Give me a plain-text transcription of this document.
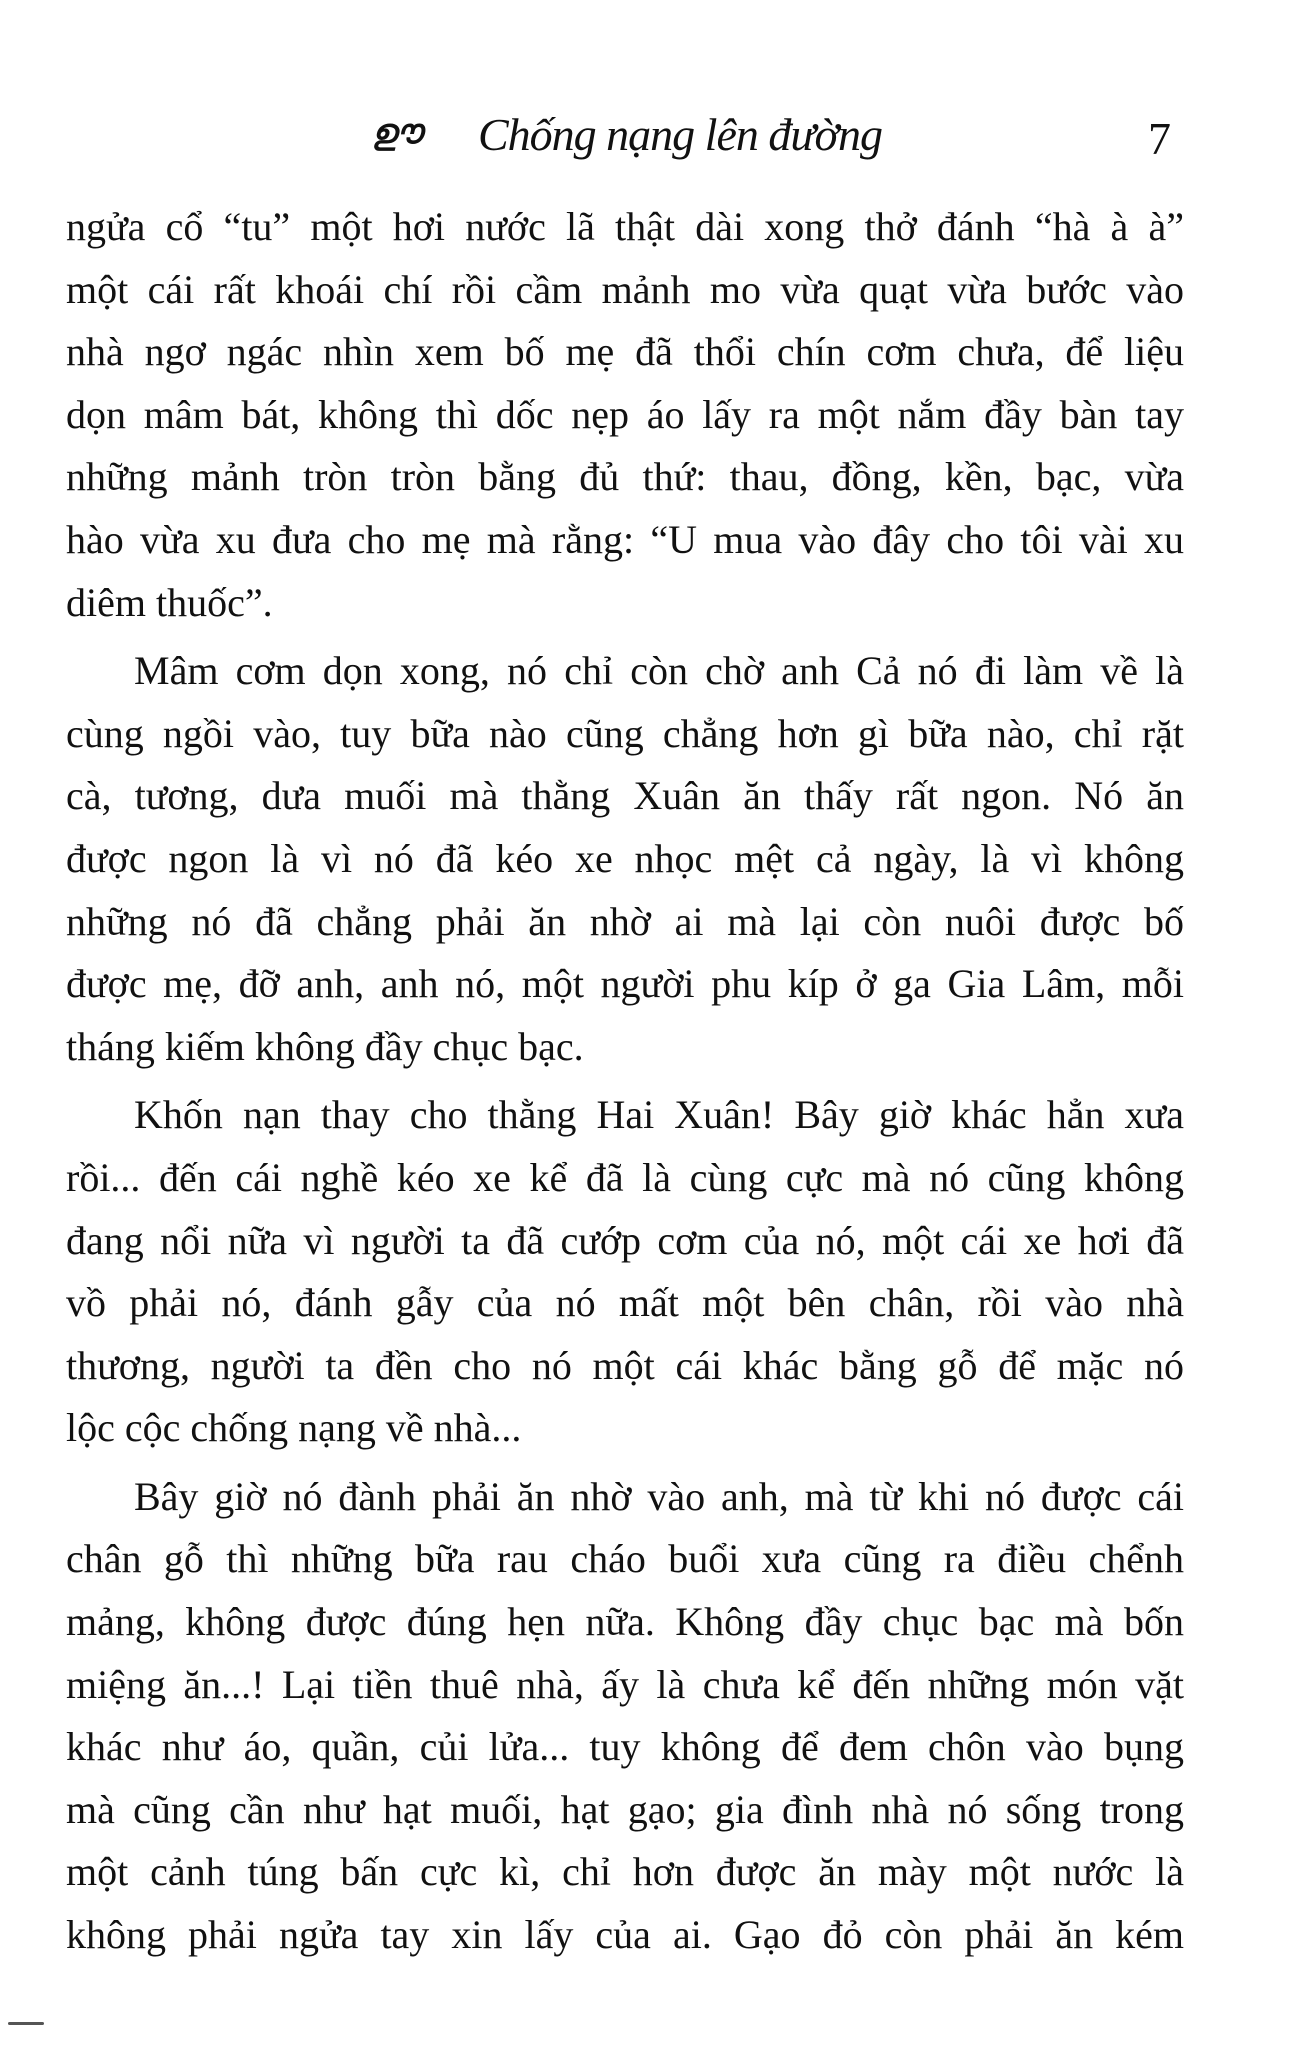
ഊ Chống nạng lên đường	7
ngửa cổ “tu” một hơi nước lã thật dài xong thở đánh “hà à à”
một cái rất khoái chí rồi cầm mảnh mo vừa quạt vừa bước vào
nhà ngơ ngác nhìn xem bố mẹ đã thổi chín cơm chưa, để liệu
dọn mâm bát, không thì dốc nẹp áo lấy ra một nắm đầy bàn tay
những mảnh tròn tròn bằng đủ thứ: thau, đồng, kền, bạc, vừa
hào vừa xu đưa cho mẹ mà rằng: “U mua vào đây cho tôi vài xu
diêm thuốc”.
Mâm cơm dọn xong, nó chỉ còn chờ anh Cả nó đi làm về là
cùng ngồi vào, tuy bữa nào cũng chẳng hơn gì bữa nào, chỉ rặt
cà, tương, dưa muối mà thằng Xuân ăn thấy rất ngon. Nó ăn
được ngon là vì nó đã kéo xe nhọc mệt cả ngày, là vì không
những nó đã chẳng phải ăn nhờ ai mà lại còn nuôi được bố
được mẹ, đỡ anh, anh nó, một người phu kíp ở ga Gia Lâm, mỗi
tháng kiếm không đầy chục bạc.
Khốn nạn thay cho thằng Hai Xuân! Bây giờ khác hẳn xưa
rồi... đến cái nghề kéo xe kể đã là cùng cực mà nó cũng không
đang nổi nữa vì người ta đã cướp cơm của nó, một cái xe hơi đã
vồ phải nó, đánh gẫy của nó mất một bên chân, rồi vào nhà
thương, người ta đền cho nó một cái khác bằng gỗ để mặc nó
lộc cộc chống nạng về nhà...
Bây giờ nó đành phải ăn nhờ vào anh, mà từ khi nó được cái
chân gỗ thì những bữa rau cháo buổi xưa cũng ra điều chểnh
mảng, không được đúng hẹn nữa. Không đầy chục bạc mà bốn
miệng ăn...! Lại tiền thuê nhà, ấy là chưa kể đến những món vặt
khác như áo, quần, củi lửa... tuy không để đem chôn vào bụng
mà cũng cần như hạt muối, hạt gạo; gia đình nhà nó sống trong
một cảnh túng bấn cực kì, chỉ hơn được ăn mày một nước là
không phải ngửa tay xin lấy của ai. Gạo đỏ còn phải ăn kém
